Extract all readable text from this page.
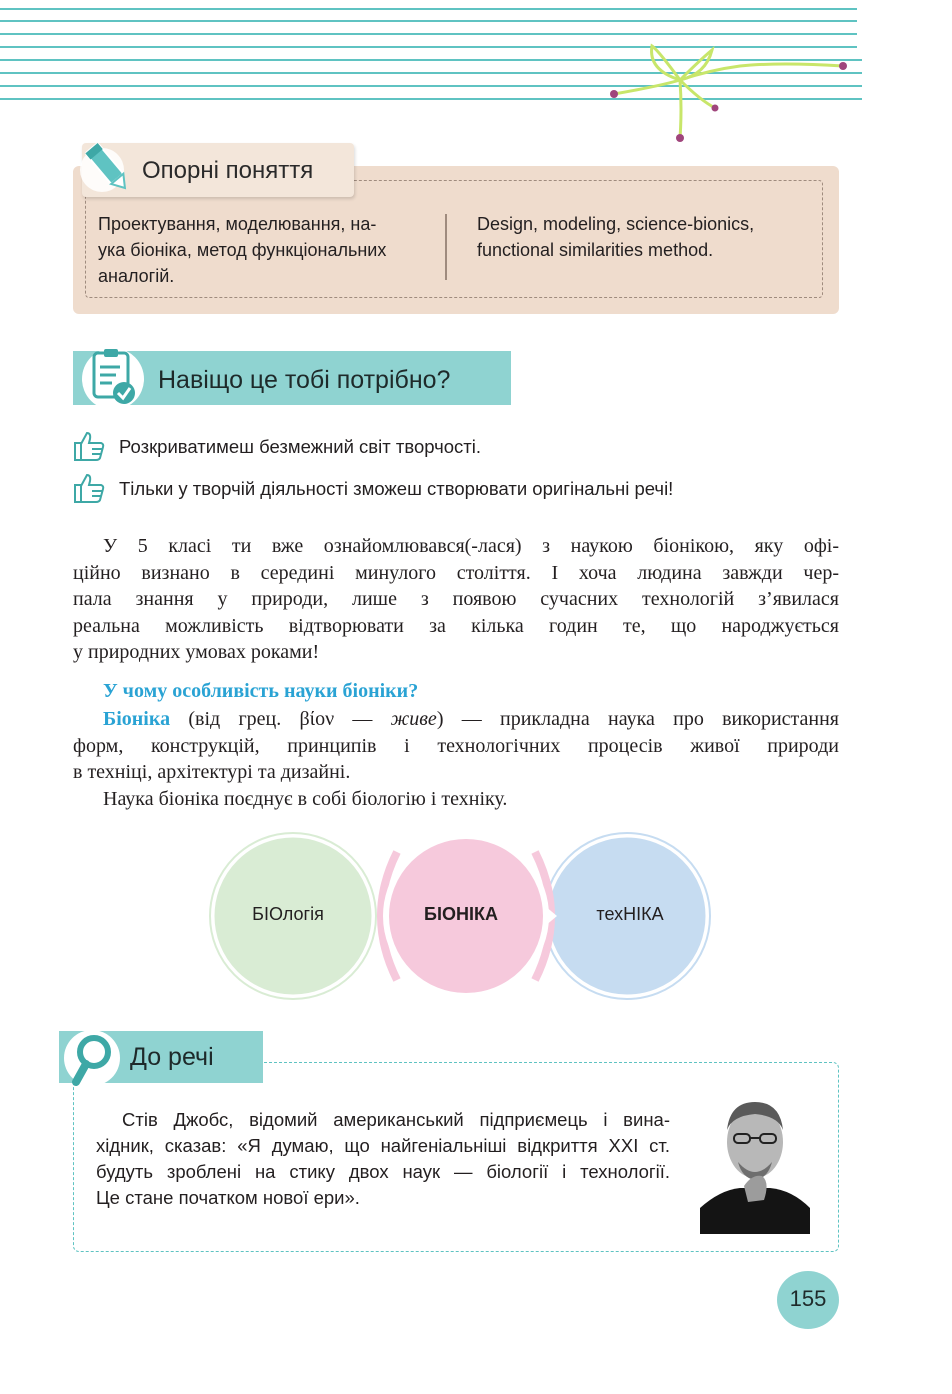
Опорні поняття
Проектування, моделювання, на-
ука біоніка, метод функціональних
аналогій.
Design, modeling, science-bionics,
functional similarities method.
Навіщо це тобі потрібно?
Розкриватимеш безмежний світ творчості.
Тільки у творчій діяльності зможеш створювати оригінальні речі!
У 5 класі ти вже ознайомлювався(-лася) з наукою біонікою, яку офі-
ційно визнано в середині минулого століття. І хоча людина завжди чер-
пала знання у природи, лише з появою сучасних технологій з’явилася
реальна можливість відтворювати за кілька годин те, що народжується
у природних умовах роками!
У чому особливість науки біоніки?
Біоніка (від грец. βίον — живе) — прикладна наука про використання
форм, конструкцій, принципів і технологічних процесів живої природи
в техніці, архітектурі та дизайні.
Наука біоніка поєднує в собі біологію і техніку.
БІОлогія	БІОНІКА	техНІКА
До речі
Стів Джобс, відомий американський підприємець і вина-
хідник, сказав: «Я думаю, що найгеніальніші відкриття XXI ст.
будуть зроблені на стику двох наук — біології і технології.
Це стане початком нової ери».
155
